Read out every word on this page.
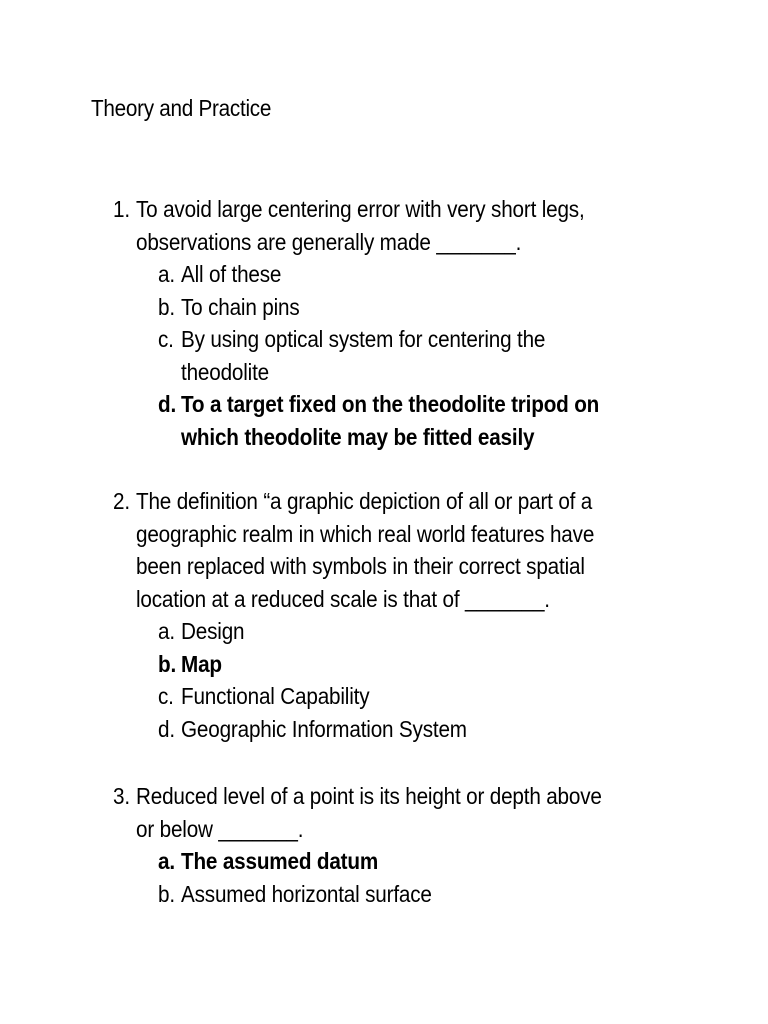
Theory and Practice
1. To avoid large centering error with very short legs,
observations are generally made _______.
a. All of these
b. To chain pins
c. By using optical system for centering the
theodolite
d. To a target fixed on the theodolite tripod on
which theodolite may be fitted easily
2. The definition “a graphic depiction of all or part of a
geographic realm in which real world features have
been replaced with symbols in their correct spatial
location at a reduced scale is that of _______.
a. Design
b. Map
c. Functional Capability
d. Geographic Information System
3. Reduced level of a point is its height or depth above
or below _______.
a. The assumed datum
b. Assumed horizontal surface
